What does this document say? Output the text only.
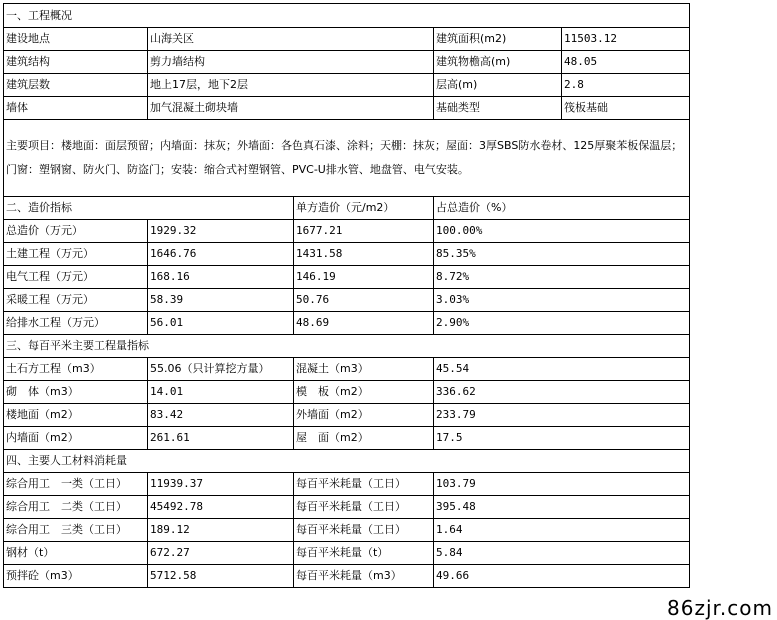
一、工程概况				
建设地点	山海关区		建筑面积(m2)	11503.12
建筑结构	剪力墙结构		建筑物檐高(m)	48.05
建筑层数	地上17层，地下2层		层高(m)	2.8
墙体	加气混凝土砌块墙		基础类型	筏板基础
主要项目：楼地面：面层预留；内墙面：抹灰；外墙面：各色真石漆、涂料；天棚：抹灰；屋面：3厚SBS防水卷材、125厚聚苯板保温层；门窗：塑钢窗、防火门、防盗门；安装：缩合式衬塑钢管、PVC-U排水管、地盘管、电气安装。				
二、造价指标		单方造价（元/m2）	占总造价（%）	
总造价（万元）	1929.32	1677.21	100.00%	
土建工程（万元）	1646.76	1431.58	85.35%	
电气工程（万元）	168.16	146.19	8.72%	
采暖工程（万元）	58.39	50.76	3.03%	
给排水工程（万元）	56.01	48.69	2.90%	
三、每百平米主要工程量指标				
土石方工程（m3）	55.06（只计算挖方量）	混凝土（m3）	45.54	
砌　体（m3）	14.01	模　板（m2）	336.62	
楼地面（m2）	83.42	外墙面（m2）	233.79	
内墙面（m2）	261.61	屋　面（m2）	17.5	
四、主要人工材料消耗量				
综合用工　一类（工日）	11939.37	每百平米耗量（工日）	103.79	
综合用工　二类（工日）	45492.78	每百平米耗量（工日）	395.48	
综合用工　三类（工日）	189.12	每百平米耗量（工日）	1.64	
钢材（t）	672.27	每百平米耗量（t）	5.84	
预拌砼（m3）	5712.58	每百平米耗量（m3）	49.66	
86zjr.com
